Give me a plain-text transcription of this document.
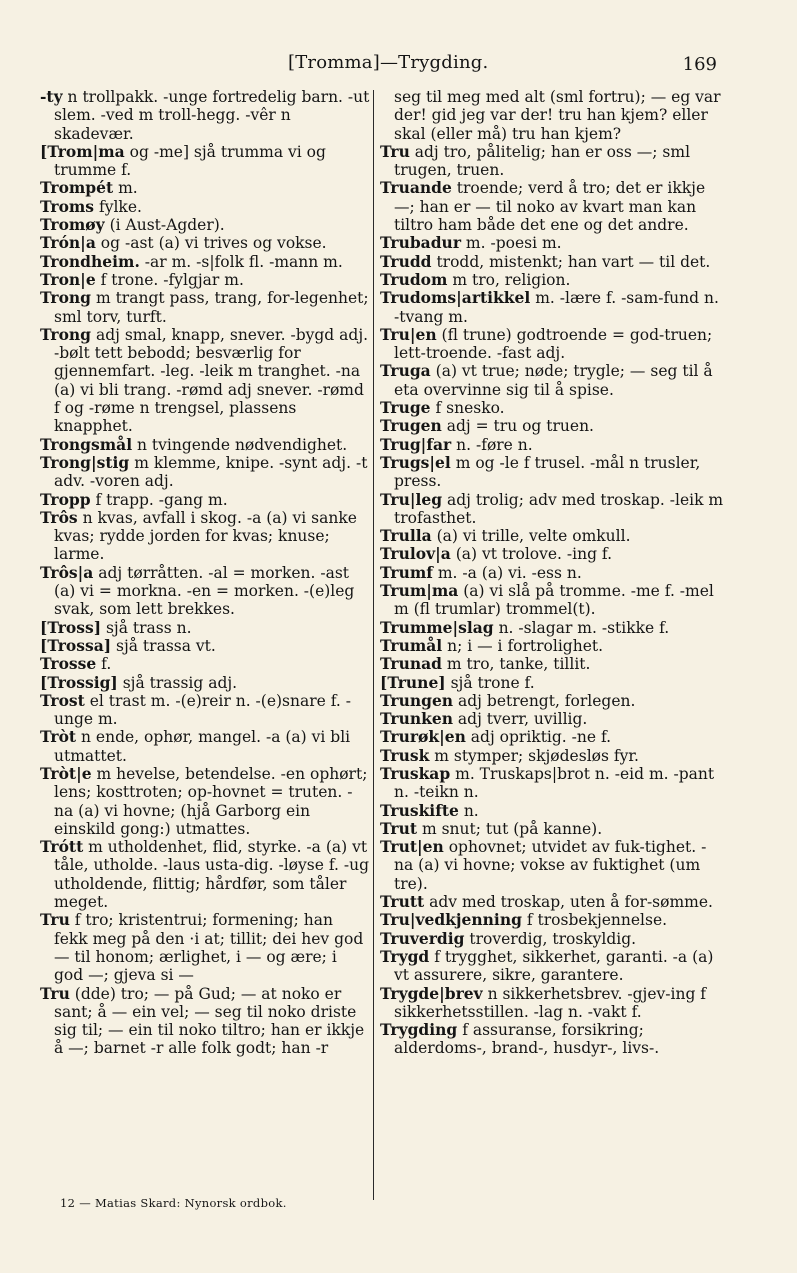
[Tromma]—Trygding.	169

-ty n trollpakk. -unge fortredelig barn. -ut slem. -ved m troll-hegg. -vêr n skadevær.

[Trom|ma og -me] sjå trumma vi og trumme f.

Trompét m.

Troms fylke.

Tromøy (i Aust-Agder).

Trón|a og -ast (a) vi trives og vokse.

Trondheim. -ar m. -s|folk fl. -mann m.

Tron|e f trone. -fylgjar m.

Trong m trangt pass, trang, for-legenhet; sml torv, turft.

Trong adj smal, knapp, snever. -bygd adj. -bølt tett bebodd; besværlig for gjennemfart. -leg. -leik m tranghet. -na (a) vi bli trang. -rømd adj snever. -rømd f og -røme n trengsel, plassens knapphet.

Trongsmål n tvingende nødvendighet.

Trong|stig m klemme, knipe. -synt adj. -t adv. -voren adj.

Tropp f trapp. -gang m.

Trôs n kvas, avfall i skog. -a (a) vi sanke kvas; rydde jorden for kvas; knuse; larme.

Trôs|a adj tørråtten. -al = morken. -ast (a) vi = morkna. -en = morken. -(e)leg svak, som lett brekkes.

[Tross] sjå trass n.

[Trossa] sjå trassa vt.

Trosse f.

[Trossig] sjå trassig adj.

Trost el trast m. -(e)reir n. -(e)snare f. -unge m.

Tròt n ende, ophør, mangel. -a (a) vi bli utmattet.

Tròt|e m hevelse, betendelse. -en ophørt; lens; kosttroten; op-hovnet = truten. -na (a) vi hovne; (hjå Garborg ein einskild gong:) utmattes.

Trótt m utholdenhet, flid, styrke. -a (a) vt tåle, utholde. -laus usta-dig. -løyse f. -ug utholdende, flittig; hårdfør, som tåler meget.

Tru f tro; kristentrui; formening; han fekk meg på den ·i at; tillit; dei hev god — til honom; ærlighet, i — og ære; i god —; gjeva si —

Tru (dde) tro; — på Gud; — at noko er sant; å — ein vel; — seg til noko driste sig til; — ein til noko tiltro; han er ikkje å —; barnet -r alle folk godt; han -r

seg til meg med alt (sml fortru); — eg var der! gid jeg var der! tru han kjem? eller skal (eller må) tru han kjem?

Tru adj tro, pålitelig; han er oss —; sml trugen, truen.

Truande troende; verd å tro; det er ikkje —; han er — til noko av kvart man kan tiltro ham både det ene og det andre.

Trubadur m. -poesi m.

Trudd trodd, mistenkt; han vart — til det.

Trudom m tro, religion.

Trudoms|artikkel m. -lære f. -sam-fund n. -tvang m.

Tru|en (fl trune) godtroende = god-truen; lett-troende. -fast adj.

Truga (a) vt true; nøde; trygle; — seg til å eta overvinne sig til å spise.

Truge f snesko.

Trugen adj = tru og truen.

Trug|far n. -føre n.

Trugs|el m og -le f trusel. -mål n trusler, press.

Tru|leg adj trolig; adv med troskap. -leik m trofasthet.

Trulla (a) vi trille, velte omkull.

Trulov|a (a) vt trolove. -ing f.

Trumf m. -a (a) vi. -ess n.

Trum|ma (a) vi slå på tromme. -me f. -mel m (fl trumlar) trommel(t).

Trumme|slag n. -slagar m. -stikke f.

Trumål n; i — i fortrolighet.

Trunad m tro, tanke, tillit.

[Trune] sjå trone f.

Trungen adj betrengt, forlegen.

Trunken adj tverr, uvillig.

Trurøk|en adj opriktig. -ne f.

Trusk m stymper; skjødesløs fyr.

Truskap m. Truskaps|brot n. -eid m. -pant n. -teikn n.

Truskifte n.

Trut m snut; tut (på kanne).

Trut|en ophovnet; utvidet av fuk-tighet. -na (a) vi hovne; vokse av fuktighet (um tre).

Trutt adv med troskap, uten å for-sømme.

Tru|vedkjenning f trosbekjennelse.

Truverdig troverdig, troskyldig.

Trygd f trygghet, sikkerhet, garanti. -a (a) vt assurere, sikre, garantere.

Trygde|brev n sikkerhetsbrev. -gjev-ing f sikkerhetsstillen. -lag n. -vakt f.

Trygding f assuranse, forsikring; alderdoms-, brand-, husdyr-, livs-.

12 — Matias Skard: Nynorsk ordbok.
